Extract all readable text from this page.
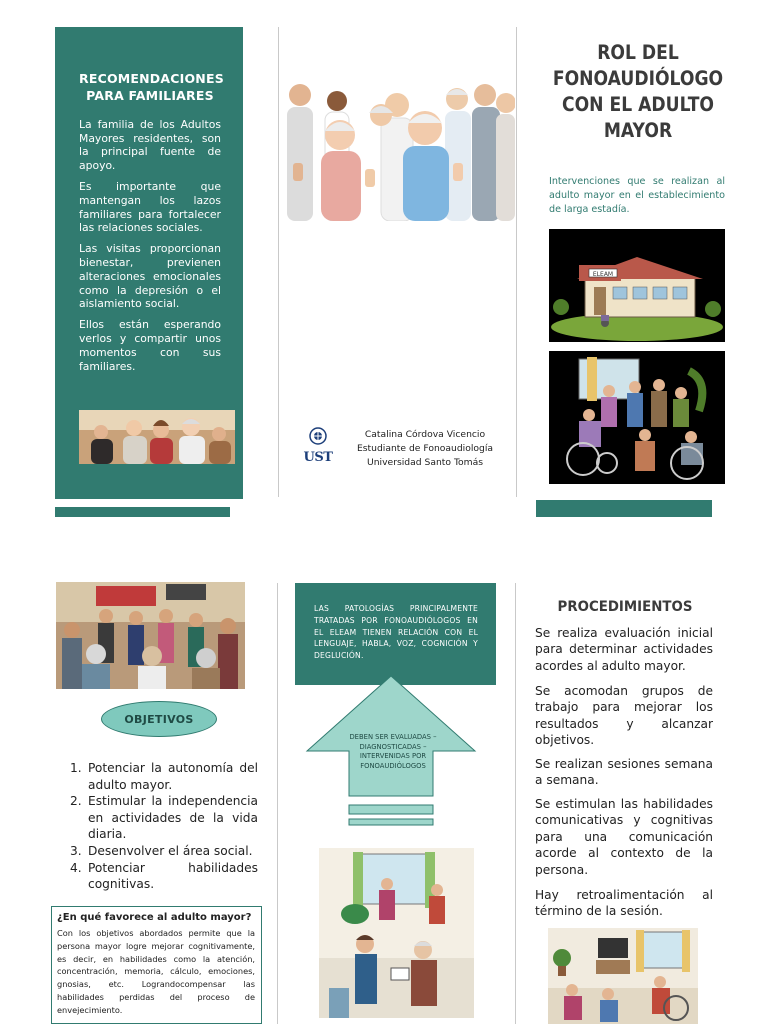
RECOMENDACIONES PARA FAMILIARES

La familia de los Adultos Mayores residentes, son la principal fuente de apoyo.

Es importante que mantengan los lazos familiares para fortalecer las relaciones sociales.

Las visitas proporcionan bienestar, previenen alteraciones emocionales como la depresión o el aislamiento social.

Ellos están esperando verlos y compartir unos momentos con sus familiares.

UST
Catalina Córdova Vicencio
Estudiante de Fonoaudiología
Universidad Santo Tomás
ROL DEL
FONOAUDIÓLOGO
CON EL ADULTO
MAYOR
Intervenciones que se realizan al adulto mayor en el establecimiento de larga estadía.
ELEAM
OBJETIVOS
1. Potenciar la autonomía del adulto mayor.
2. Estimular la independencia en actividades de la vida diaria.
3. Desenvolver el área social.
4. Potenciar habilidades cognitivas.
¿En qué favorece al adulto mayor?
Con los objetivos abordados permite que la persona mayor logre mejorar cognitivamente, es decir, en habilidades como la atención, concentración, memoria, cálculo, emociones, gnosias, etc. Lograndocompensar las habilidades perdidas del proceso de envejecimiento.
LAS PATOLOGÍAS PRINCIPALMENTE TRATADAS POR FONOAUDIÓLOGOS EN EL ELEAM TIENEN RELACIÓN CON EL LENGUAJE, HABLA, VOZ, COGNICIÓN Y DEGLUCIÓN.
DEBEN SER EVALUADAS – DIAGNOSTICADAS – INTERVENIDAS POR FONOAUDIÓLOGOS
PROCEDIMIENTOS

Se realiza evaluación inicial para determinar actividades acordes al adulto mayor.

Se acomodan grupos de trabajo para mejorar los resultados y alcanzar objetivos.

Se realizan sesiones semana a semana.

Se estimulan las habilidades comunicativas y cognitivas para una comunicación acorde al contexto de la persona.

Hay retroalimentación al término de la sesión.
